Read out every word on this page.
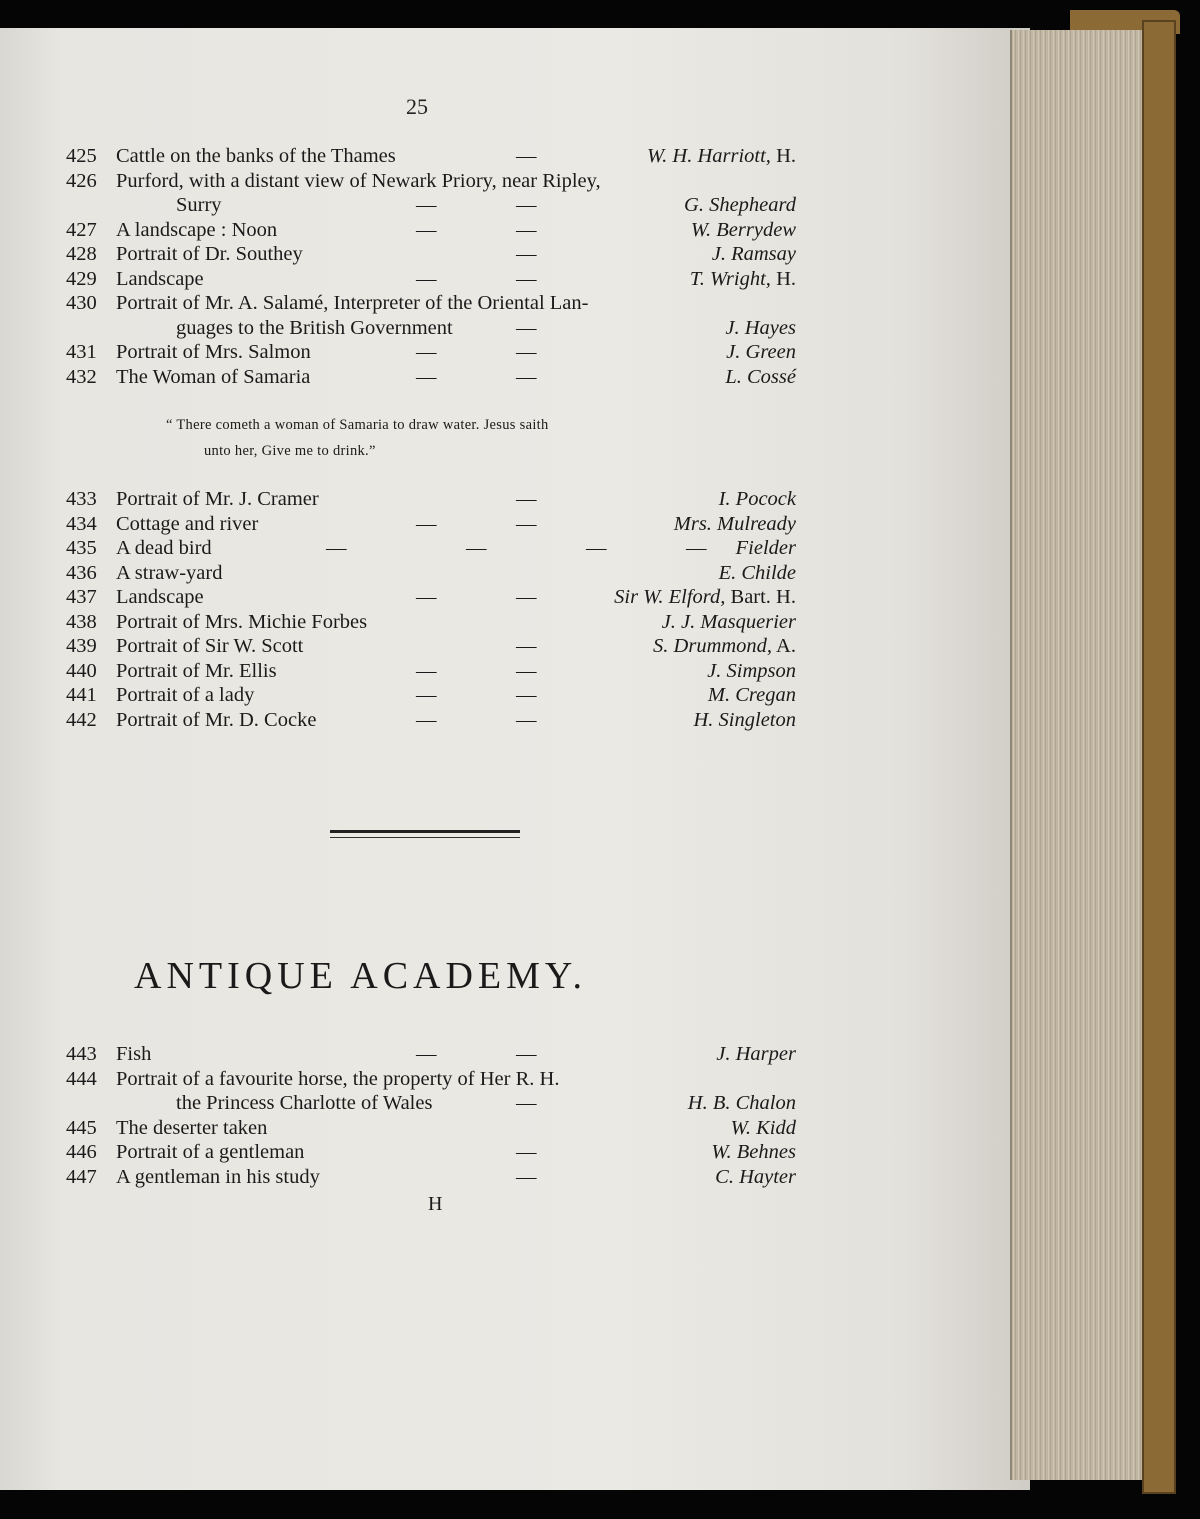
25
425 Cattle on the banks of the Thames	—	W. H. Harriott, H.
426 Purford, with a distant view of Newark Priory, near Ripley,
Surry	—	—	G. Shepheard
427 A landscape : Noon	—	—	W. Berrydew
428 Portrait of Dr. Southey	—	J. Ramsay
429 Landscape	—	—	T. Wright, H.
430 Portrait of Mr. A. Salamé, Interpreter of the Oriental Lan-
guages to the British Government	—	J. Hayes
431 Portrait of Mrs. Salmon	—	—	J. Green
432 The Woman of Samaria	—	—	L. Cossé
“ There cometh a woman of Samaria to draw water. Jesus saith
unto her, Give me to drink.”
433 Portrait of Mr. J. Cramer	—	I. Pocock
434 Cottage and river	—	—	Mrs. Mulready
435 A dead bird	—	—	—	— Fielder
436 A straw-yard	E. Childe
437 Landscape	—	—	Sir W. Elford, Bart. H.
438 Portrait of Mrs. Michie Forbes	J. J. Masquerier
439 Portrait of Sir W. Scott	—	S. Drummond, A.
440 Portrait of Mr. Ellis	—	—	J. Simpson
441 Portrait of a lady	—	—	M. Cregan
442 Portrait of Mr. D. Cocke	—	—	H. Singleton
ANTIQUE ACADEMY.
443 Fish	—	—	J. Harper
444 Portrait of a favourite horse, the property of Her R. H.
the Princess Charlotte of Wales	—	H. B. Chalon
445 The deserter taken	W. Kidd
446 Portrait of a gentleman	—	W. Behnes
447 A gentleman in his study	—	C. Hayter
H
